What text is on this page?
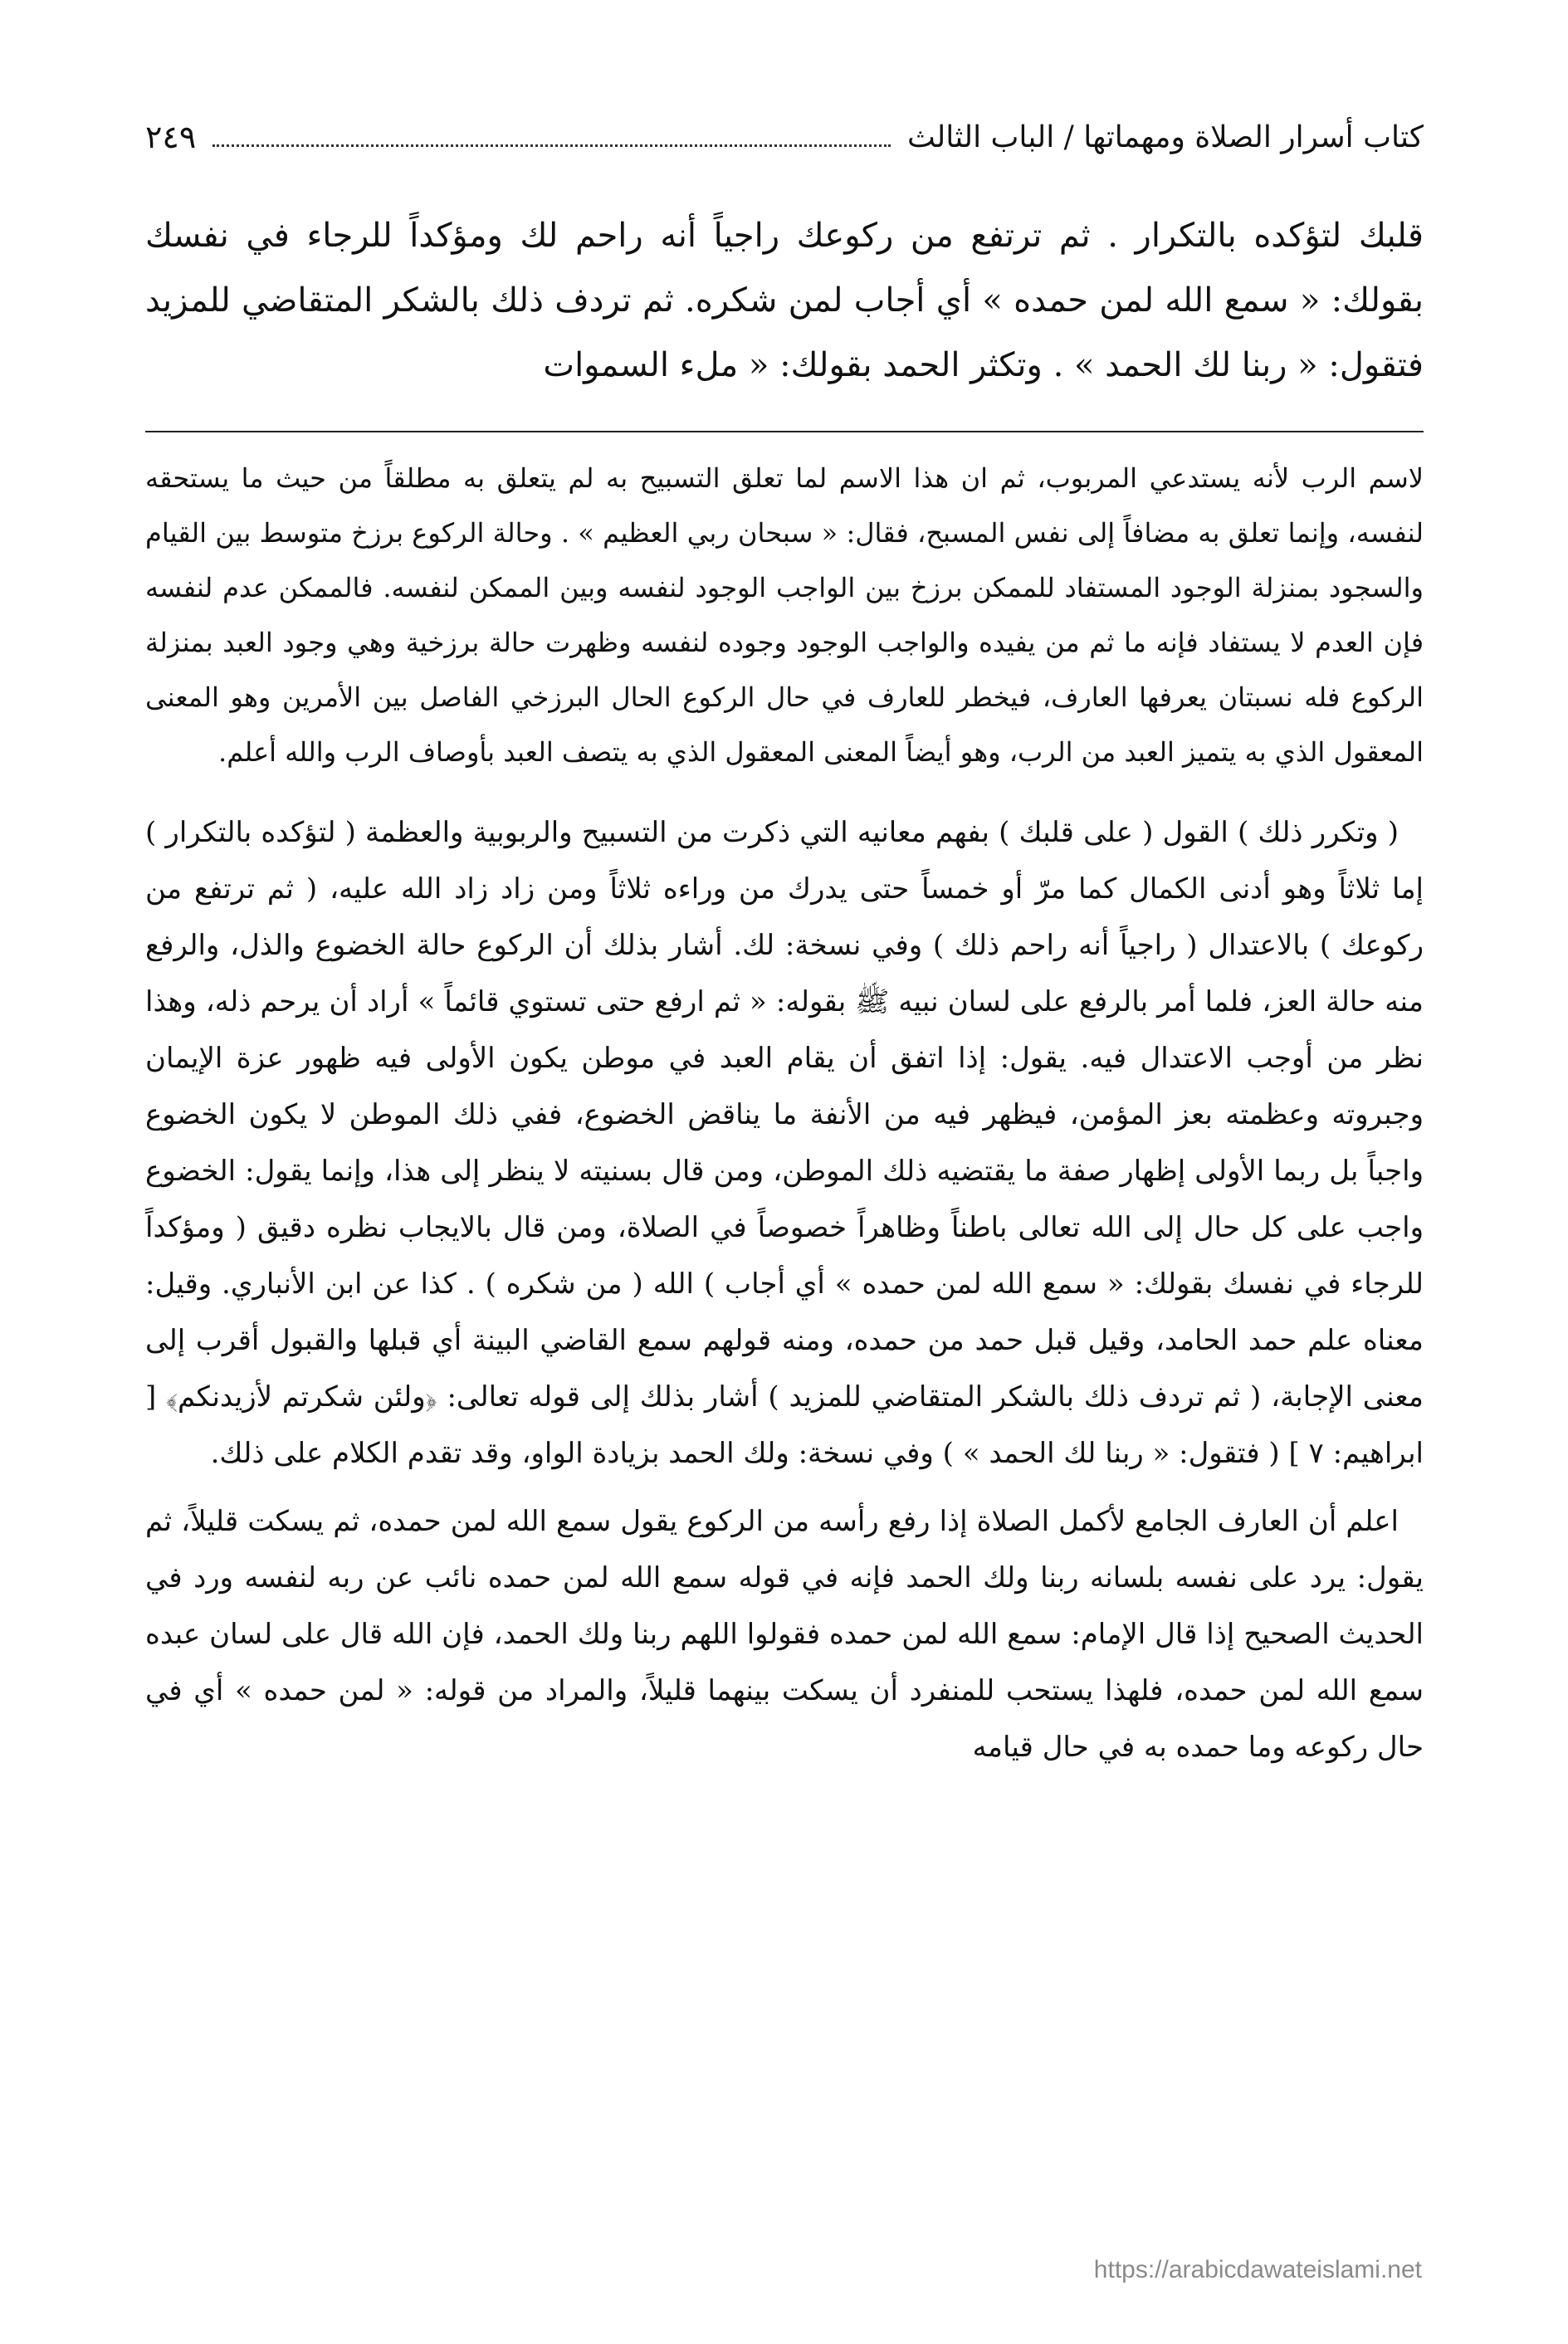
كتاب أسرار الصلاة ومهماتها / الباب الثالث
٢٤٩
قلبك لتؤكده بالتكرار . ثم ترتفع من ركوعك راجياً أنه راحم لك ومؤكداً للرجاء في نفسك بقولك: « سمع الله لمن حمده » أي أجاب لمن شكره. ثم تردف ذلك بالشكر المتقاضي للمزيد فتقول: « ربنا لك الحمد » . وتكثر الحمد بقولك: « ملء السموات
لاسم الرب لأنه يستدعي المربوب، ثم ان هذا الاسم لما تعلق التسبيح به لم يتعلق به مطلقاً من حيث ما يستحقه لنفسه، وإنما تعلق به مضافاً إلى نفس المسبح، فقال: « سبحان ربي العظيم » . وحالة الركوع برزخ متوسط بين القيام والسجود بمنزلة الوجود المستفاد للممكن برزخ بين الواجب الوجود لنفسه وبين الممكن لنفسه. فالممكن عدم لنفسه فإن العدم لا يستفاد فإنه ما ثم من يفيده والواجب الوجود وجوده لنفسه وظهرت حالة برزخية وهي وجود العبد بمنزلة الركوع فله نسبتان يعرفها العارف، فيخطر للعارف في حال الركوع الحال البرزخي الفاصل بين الأمرين وهو المعنى المعقول الذي به يتميز العبد من الرب، وهو أيضاً المعنى المعقول الذي به يتصف العبد بأوصاف الرب والله أعلم.

( وتكرر ذلك ) القول ( على قلبك ) بفهم معانيه التي ذكرت من التسبيح والربوبية والعظمة ( لتؤكده بالتكرار ) إما ثلاثاً وهو أدنى الكمال كما مرّ أو خمساً حتى يدرك من وراءه ثلاثاً ومن زاد زاد الله عليه، ( ثم ترتفع من ركوعك ) بالاعتدال ( راجياً أنه راحم ذلك ) وفي نسخة: لك. أشار بذلك أن الركوع حالة الخضوع والذل، والرفع منه حالة العز، فلما أمر بالرفع على لسان نبيه ﷺ بقوله: « ثم ارفع حتى تستوي قائماً » أراد أن يرحم ذله، وهذا نظر من أوجب الاعتدال فيه. يقول: إذا اتفق أن يقام العبد في موطن يكون الأولى فيه ظهور عزة الإيمان وجبروته وعظمته بعز المؤمن، فيظهر فيه من الأنفة ما يناقض الخضوع، ففي ذلك الموطن لا يكون الخضوع واجباً بل ربما الأولى إظهار صفة ما يقتضيه ذلك الموطن، ومن قال بسنيته لا ينظر إلى هذا، وإنما يقول: الخضوع واجب على كل حال إلى الله تعالى باطناً وظاهراً خصوصاً في الصلاة، ومن قال بالايجاب نظره دقيق ( ومؤكداً للرجاء في نفسك بقولك: « سمع الله لمن حمده » أي أجاب ) الله ( من شكره ) . كذا عن ابن الأنباري. وقيل: معناه علم حمد الحامد، وقيل قبل حمد من حمده، ومنه قولهم سمع القاضي البينة أي قبلها والقبول أقرب إلى معنى الإجابة، ( ثم تردف ذلك بالشكر المتقاضي للمزيد ) أشار بذلك إلى قوله تعالى: ﴿ولئن شكرتم لأزيدنكم﴾ [ ابراهيم: ٧ ] ( فتقول: « ربنا لك الحمد » ) وفي نسخة: ولك الحمد بزيادة الواو، وقد تقدم الكلام على ذلك.

اعلم أن العارف الجامع لأكمل الصلاة إذا رفع رأسه من الركوع يقول سمع الله لمن حمده، ثم يسكت قليلاً، ثم يقول: يرد على نفسه بلسانه ربنا ولك الحمد فإنه في قوله سمع الله لمن حمده نائب عن ربه لنفسه ورد في الحديث الصحيح إذا قال الإمام: سمع الله لمن حمده فقولوا اللهم ربنا ولك الحمد، فإن الله قال على لسان عبده سمع الله لمن حمده، فلهذا يستحب للمنفرد أن يسكت بينهما قليلاً، والمراد من قوله: « لمن حمده » أي في حال ركوعه وما حمده به في حال قيامه

https://arabicdawateislami.net
